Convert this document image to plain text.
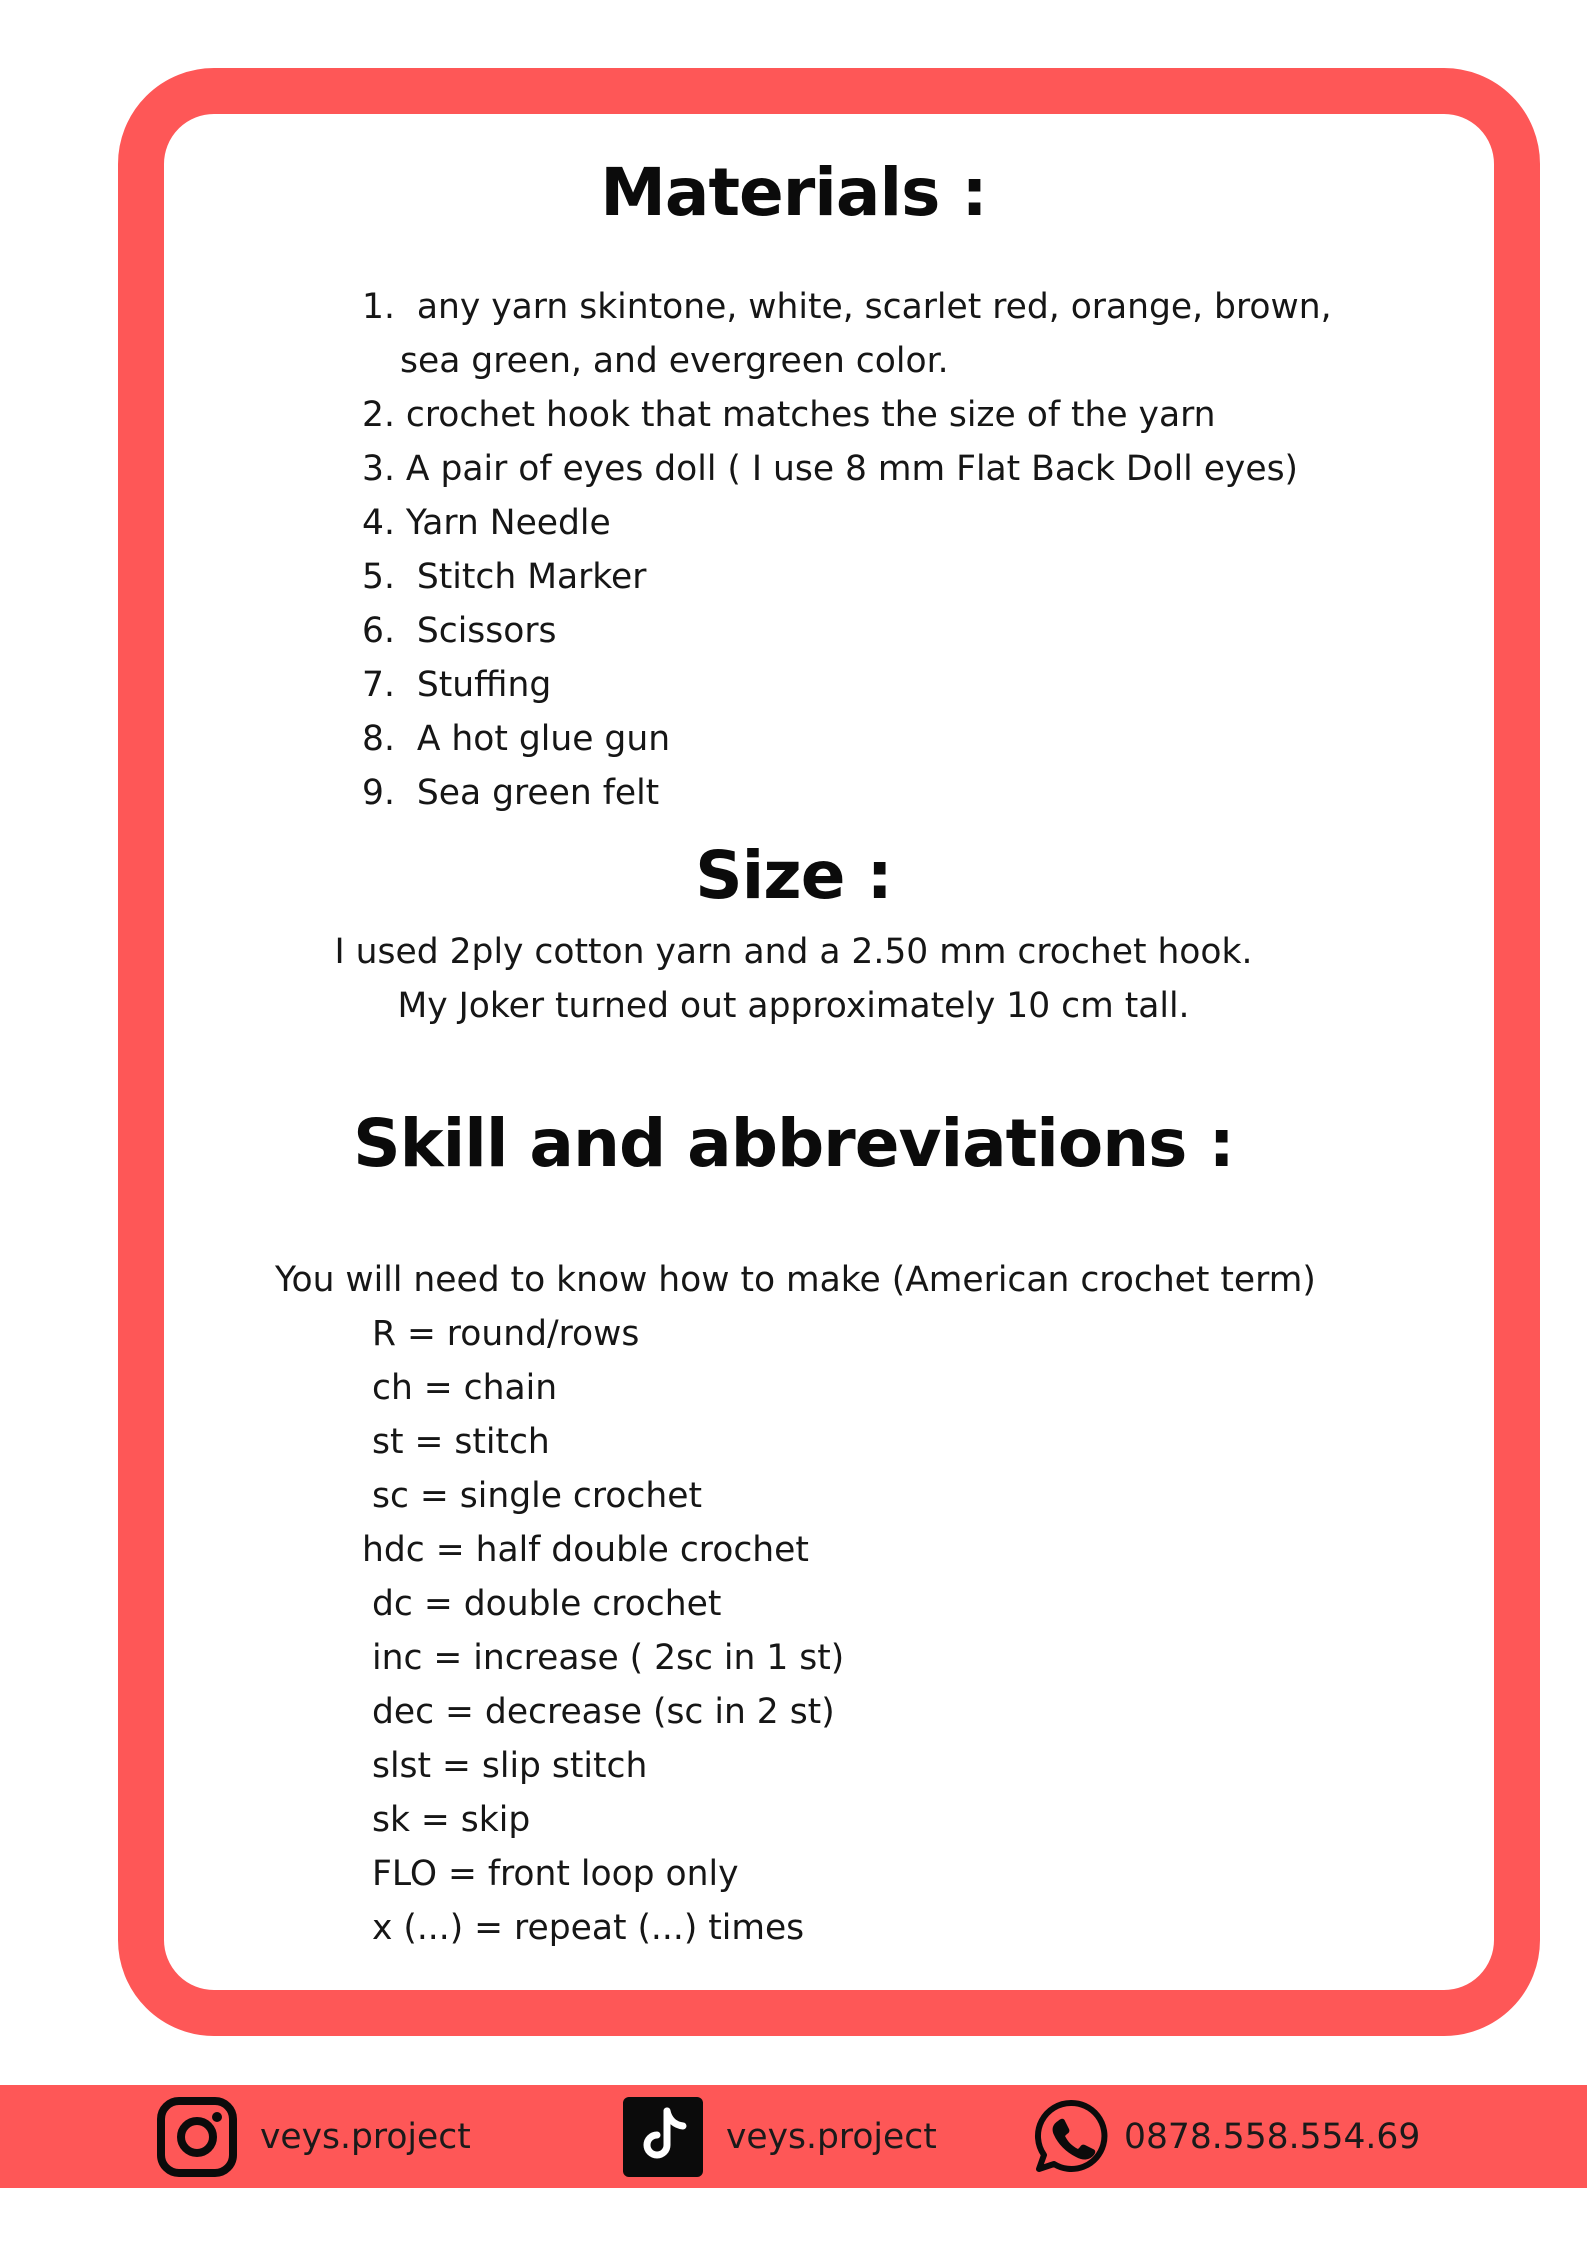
Materials :
1. any yarn skintone, white, scarlet red, orange, brown,
sea green, and evergreen color.
2. crochet hook that matches the size of the yarn
3. A pair of eyes doll ( I use 8 mm Flat Back Doll eyes)
4. Yarn Needle
5. Stitch Marker
6. Scissors
7. Stuffing
8. A hot glue gun
9. Sea green felt
Size :
I used 2ply cotton yarn and a 2.50 mm crochet hook.
My Joker turned out approximately 10 cm tall.
Skill and abbreviations :
You will need to know how to make (American crochet term)
R = round/rows
ch = chain
st = stitch
sc = single crochet
hdc = half double crochet
dc = double crochet
inc = increase ( 2sc in 1 st)
dec = decrease (sc in 2 st)
slst = slip stitch
sk = skip
FLO = front loop only
x (...) = repeat (...) times
veys.project	veys.project	0878.558.554.69
